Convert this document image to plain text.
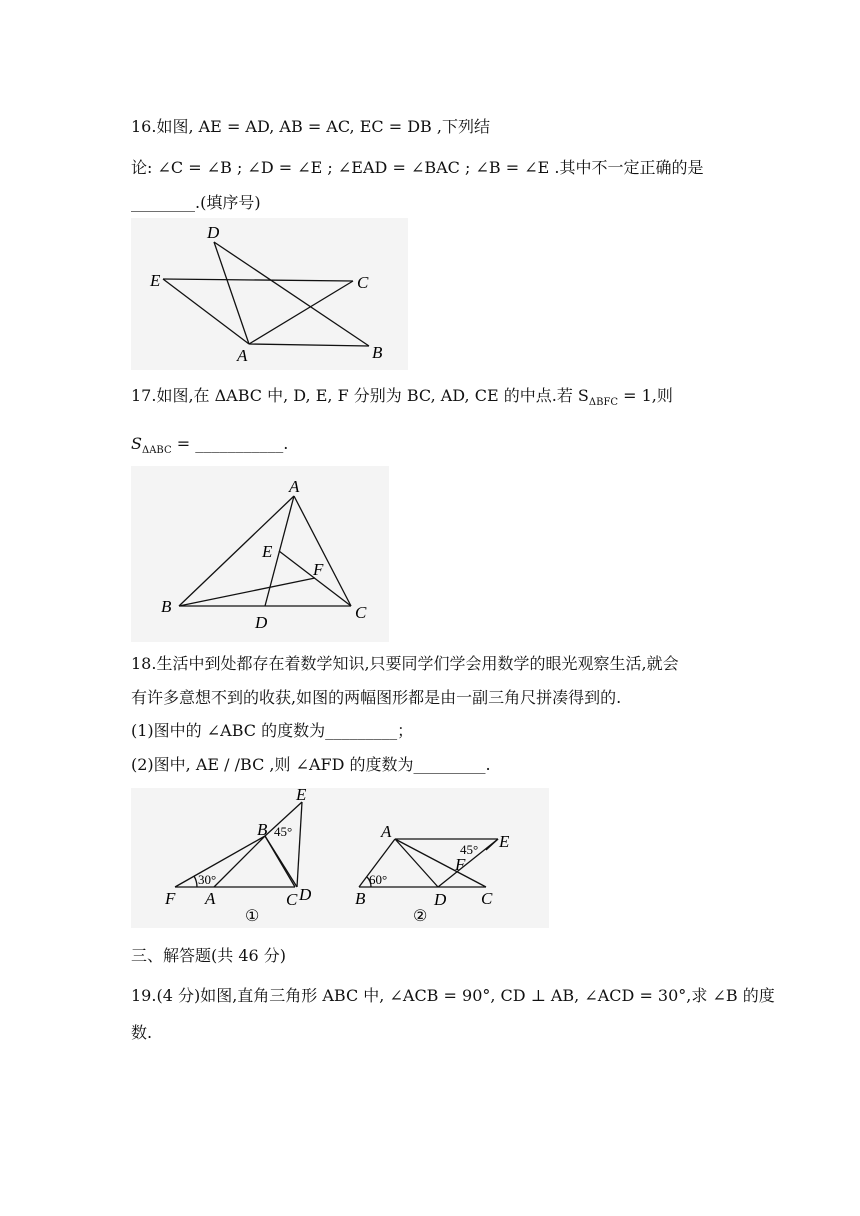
16.如图, AE = AD, AB = AC, EC = DB ,下列结
论: ∠C = ∠B ; ∠D = ∠E ; ∠EAD = ∠BAC ; ∠B = ∠E .其中不一定正确的是
________.(填序号)
D
E	C
A	B
17.如图,在 ΔABC 中, D, E, F 分别为 BC, AD, CE 的中点.若 $S_{\Delta BFC} = 1$,则
$S_{\Delta ABC}$ = ___________.
A
E
F
B	C
D
18.生活中到处都存在着数学知识,只要同学们学会用数学的眼光观察生活,就会
有许多意想不到的收获,如图的两幅图形都是由一副三角尺拼凑得到的.
(1)图中的 ∠ABC 的度数为_________；
(2)图中, AE / /BC ,则 ∠AFD 的度数为_________.
E
B 45°
30°
F A	C D
①
A
E
45°
F
60°
B	D C
②
三、解答题(共 46 分)
19.(4 分)如图,直角三角形 ABC 中, ∠ACB = 90°, CD ⊥ AB, ∠ACD = 30°,求 ∠B 的度
数.
